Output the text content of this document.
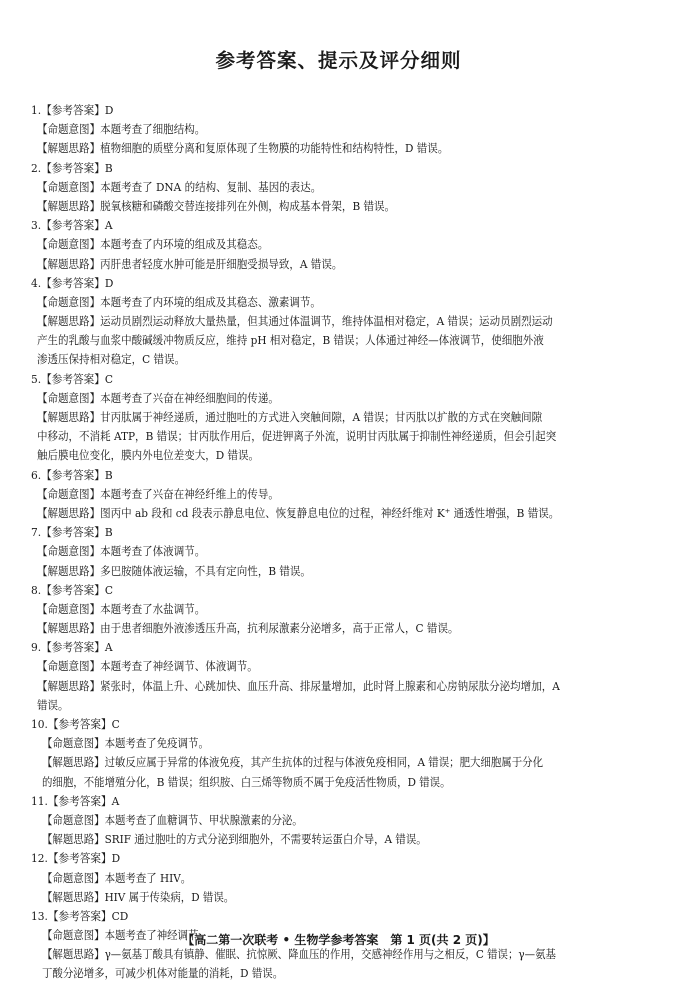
参考答案、提示及评分细则
1.【参考答案】D
【命题意图】本题考查了细胞结构。
【解题思路】植物细胞的质壁分离和复原体现了生物膜的功能特性和结构特性，D 错误。
2.【参考答案】B
【命题意图】本题考查了 DNA 的结构、复制、基因的表达。
【解题思路】脱氧核糖和磷酸交替连接排列在外侧，构成基本骨架，B 错误。
3.【参考答案】A
【命题意图】本题考查了内环境的组成及其稳态。
【解题思路】丙肝患者轻度水肿可能是肝细胞受损导致，A 错误。
4.【参考答案】D
【命题意图】本题考查了内环境的组成及其稳态、激素调节。
【解题思路】运动员剧烈运动释放大量热量，但其通过体温调节，维持体温相对稳定，A 错误；运动员剧烈运动
产生的乳酸与血浆中酸碱缓冲物质反应，维持 pH 相对稳定，B 错误；人体通过神经—体液调节，使细胞外液
渗透压保持相对稳定，C 错误。
5.【参考答案】C
【命题意图】本题考查了兴奋在神经细胞间的传递。
【解题思路】甘丙肽属于神经递质，通过胞吐的方式进入突触间隙，A 错误；甘丙肽以扩散的方式在突触间隙
中移动，不消耗 ATP，B 错误；甘丙肽作用后，促进钾离子外流，说明甘丙肽属于抑制性神经递质，但会引起突
触后膜电位变化，膜内外电位差变大，D 错误。
6.【参考答案】B
【命题意图】本题考查了兴奋在神经纤维上的传导。
【解题思路】图丙中 ab 段和 cd 段表示静息电位、恢复静息电位的过程，神经纤维对 K⁺ 通透性增强，B 错误。
7.【参考答案】B
【命题意图】本题考查了体液调节。
【解题思路】多巴胺随体液运输，不具有定向性，B 错误。
8.【参考答案】C
【命题意图】本题考查了水盐调节。
【解题思路】由于患者细胞外液渗透压升高，抗利尿激素分泌增多，高于正常人，C 错误。
9.【参考答案】A
【命题意图】本题考查了神经调节、体液调节。
【解题思路】紧张时，体温上升、心跳加快、血压升高、排尿量增加，此时肾上腺素和心房钠尿肽分泌均增加，A
错误。
10.【参考答案】C
【命题意图】本题考查了免疫调节。
【解题思路】过敏反应属于异常的体液免疫，其产生抗体的过程与体液免疫相同，A 错误；肥大细胞属于分化
的细胞，不能增殖分化，B 错误；组织胺、白三烯等物质不属于免疫活性物质，D 错误。
11.【参考答案】A
【命题意图】本题考查了血糖调节、甲状腺激素的分泌。
【解题思路】SRIF 通过胞吐的方式分泌到细胞外，不需要转运蛋白介导，A 错误。
12.【参考答案】D
【命题意图】本题考查了 HIV。
【解题思路】HIV 属于传染病，D 错误。
13.【参考答案】CD
【命题意图】本题考查了神经调节。
【解题思路】γ—氨基丁酸具有镇静、催眠、抗惊厥、降血压的作用，交感神经作用与之相反，C 错误；γ—氨基
丁酸分泌增多，可减少机体对能量的消耗，D 错误。
【高二第一次联考 • 生物学参考答案　第 1 页(共 2 页)】
